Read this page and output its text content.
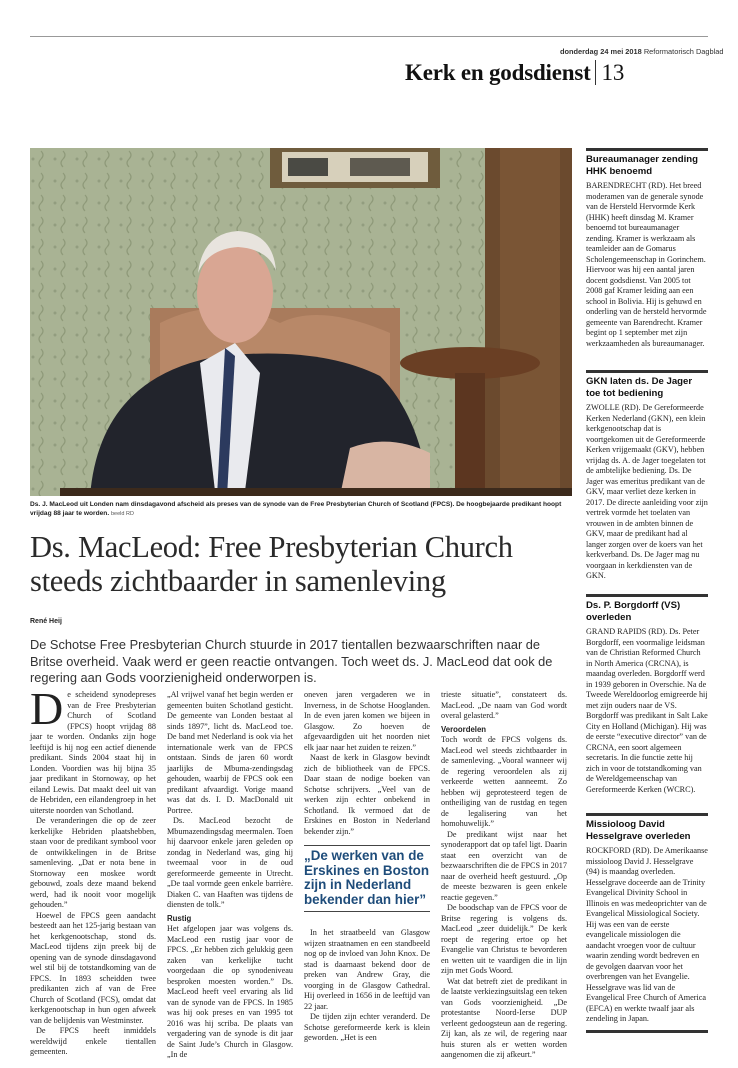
donderdag 24 mei 2018 Reformatorisch Dagblad
Kerk en godsdienst 13
Ds. J. MacLeod uit Londen nam dinsdagavond afscheid als preses van de synode van de Free Presbyterian Church of Scotland (FPCS). De hoogbejaarde predikant hoopt vrijdag 88 jaar te worden. beeld RD
Ds. MacLeod: Free Presbyterian Church steeds zichtbaarder in samenleving
René Heij

De Schotse Free Presbyterian Church stuurde in 2017 tientallen bezwaarschriften naar de Britse overheid. Vaak werd er geen reactie ontvangen. Toch weet ds. J. MacLeod dat ook de regering aan Gods voorzienigheid onderworpen is.

De scheidend synodepreses van de Free Presbyterian Church of Scotland (FPCS) hoopt vrijdag 88 jaar te worden. Ondanks zijn hoge leeftijd is hij nog een actief dienende predikant. Sinds 2004 staat hij in Londen. Voordien was hij bijna 35 jaar predikant in Stornoway, op het eiland Lewis. Dat maakt deel uit van de Hebriden, een eilandengroep in het uiterste noorden van Schotland.

De veranderingen die op de zeer kerkelijke Hebriden plaatshebben, staan voor de predikant symbool voor de ontwikkelingen in de Britse samenleving. „Dat er nota bene in Stornoway een moskee wordt gebouwd, zoals deze maand bekend werd, had ik nooit voor mogelijk gehouden.”

Hoewel de FPCS geen aandacht besteedt aan het 125-jarig bestaan van het kerkgenootschap, stond ds. MacLeod tijdens zijn preek bij de opening van de synode dinsdagavond wel stil bij de totstandkoming van de FPCS. In 1893 scheidden twee predikanten zich af van de Free Church of Scotland (FCS), omdat dat kerkgenootschap in hun ogen afweek van de belijdenis van Westminster.

De FPCS heeft inmiddels wereldwijd enkele tientallen gemeenten.

„Al vrijwel vanaf het begin werden er gemeenten buiten Schotland gesticht. De gemeente van Londen bestaat al sinds 1897”, licht ds. MacLeod toe. De band met Nederland is ook via het internationale werk van de FPCS ontstaan. Sinds de jaren 60 wordt jaarlijks de Mbuma-zendingsdag gehouden, waarbij de FPCS ook een predikant afvaardigt. Vorige maand was dat ds. I. D. MacDonald uit Portree.

Ds. MacLeod bezocht de Mbumazendingsdag meermalen. Toen hij daarvoor enkele jaren geleden op zondag in Nederland was, ging hij tweemaal voor in de oud gereformeerde gemeente in Utrecht. „De taal vormde geen enkele barrière. Diaken C. van Haaften was tijdens de diensten de tolk.”

Rustig

Het afgelopen jaar was volgens ds. MacLeod een rustig jaar voor de FPCS. „Er hebben zich gelukkig geen zaken van kerkelijke tucht voorgedaan die op synodeniveau besproken moesten worden.” Ds. MacLeod heeft veel ervaring als lid van de synode van de FPCS. In 1985 was hij ook preses en van 1995 tot 2016 was hij scriba. De plaats van vergadering van de synode is dit jaar de Saint Jude’s Church in Glasgow. „In de

oneven jaren vergaderen we in Inverness, in de Schotse Hooglanden. In de even jaren komen we bijeen in Glasgow. Zo hoeven de afgevaardigden uit het noorden niet elk jaar naar het zuiden te reizen.”

Naast de kerk in Glasgow bevindt zich de bibliotheek van de FPCS. Daar staan de nodige boeken van Schotse schrijvers. „Veel van de werken zijn echter onbekend in Schotland. Ik vermoed dat de Erskines en Boston in Nederland bekender zijn.”

„De werken van de Erskines en Boston zijn in Nederland bekender dan hier”

In het straatbeeld van Glasgow wijzen straatnamen en een standbeeld nog op de invloed van John Knox. De stad is daarnaast bekend door de preken van Andrew Gray, die voorging in de Glasgow Cathedral. Hij overleed in 1656 in de leeftijd van 22 jaar.

De tijden zijn echter veranderd. De Schotse gereformeerde kerk is klein geworden. „Het is een

trieste situatie”, constateert ds. MacLeod. „De naam van God wordt overal gelasterd.”

Veroordelen

Toch wordt de FPCS volgens ds. MacLeod wel steeds zichtbaarder in de samenleving. „Vooral wanneer wij de regering veroordelen als zij verkeerde wetten aanneemt. Zo hebben wij geprotesteerd tegen de ontheiliging van de rustdag en tegen de legalisering van het homohuwelijk.”

De predikant wijst naar het synoderapport dat op tafel ligt. Daarin staat een overzicht van de bezwaarschriften die de FPCS in 2017 naar de overheid heeft gestuurd. „Op de meeste bezwaren is geen enkele reactie gegeven.”

De boodschap van de FPCS voor de Britse regering is volgens ds. MacLeod „zeer duidelijk.” De kerk roept de regering ertoe op het Evangelie van Christus te bevorderen en wetten uit te vaardigen die in lijn zijn met Gods Woord.

Wat dat betreft ziet de predikant in de laatste verkiezingsuitslag een teken van Gods voorzienigheid. „De protestantse Noord-Ierse DUP verleent gedoogsteun aan de regering. Zij kan, als ze wil, de regering naar huis sturen als er wetten worden aangenomen die zij afkeurt.”

Bureaumanager zending HHK benoemd

BARENDRECHT (RD). Het breed moderamen van de generale synode van de Hersteld Hervormde Kerk (HHK) heeft dinsdag M. Kramer benoemd tot bureaumanager zending. Kramer is werkzaam als teamleider aan de Gomarus Scholengemeenschap in Gorinchem. Hiervoor was hij een aantal jaren docent godsdienst. Van 2005 tot 2008 gaf Kramer leiding aan een school in Bolivia. Hij is gehuwd en onderling van de hersteld hervormde gemeente van Barendrecht. Kramer begint op 1 september met zijn werkzaamheden als bureaumanager.

GKN laten ds. De Jager toe tot bediening

ZWOLLE (RD). De Gereformeerde Kerken Nederland (GKN), een klein kerkgenootschap dat is voortgekomen uit de Gereformeerde Kerken vrijgemaakt (GKV), hebben vrijdag ds. A. de Jager toegelaten tot de ambtelijke bediening. Ds. De Jager was emeritus predikant van de GKV, maar verliet deze kerken in 2017. De directe aanleiding voor zijn vertrek vormde het toelaten van vrouwen in de ambten binnen de GKV, maar de predikant had al langer zorgen over de koers van het kerkverband. Ds. De Jager mag nu voorgaan in kerkdiensten van de GKN.

Ds. P. Borgdorff (VS) overleden

GRAND RAPIDS (RD). Ds. Peter Borgdorff, een voormalige leidsman van de Christian Reformed Church in North America (CRCNA), is maandag overleden. Borgdorff werd in 1939 geboren in Overschie. Na de Tweede Wereldoorlog emigreerde hij met zijn ouders naar de VS. Borgdorff was predikant in Salt Lake City en Holland (Michigan). Hij was de eerste “executive director” van de CRCNA, een soort algemeen secretaris. In die functie zette hij zich in voor de totstandkoming van de Wereldgemeenschap van Gereformeerde Kerken (WCRC).

Missioloog David Hesselgrave overleden

ROCKFORD (RD). De Amerikaanse missioloog David J. Hesselgrave (94) is maandag overleden. Hesselgrave doceerde aan de Trinity Evangelical Divinity School in Illinois en was medeoprichter van de Evangelical Missiological Society. Hij was een van de eerste evangelicale missiologen die aandacht vroegen voor de cultuur waarin zending wordt bedreven en de gevolgen daarvan voor het overbrengen van het Evangelie. Hesselgrave was lid van de Evangelical Free Church of America (EFCA) en werkte twaalf jaar als zendeling in Japan.
